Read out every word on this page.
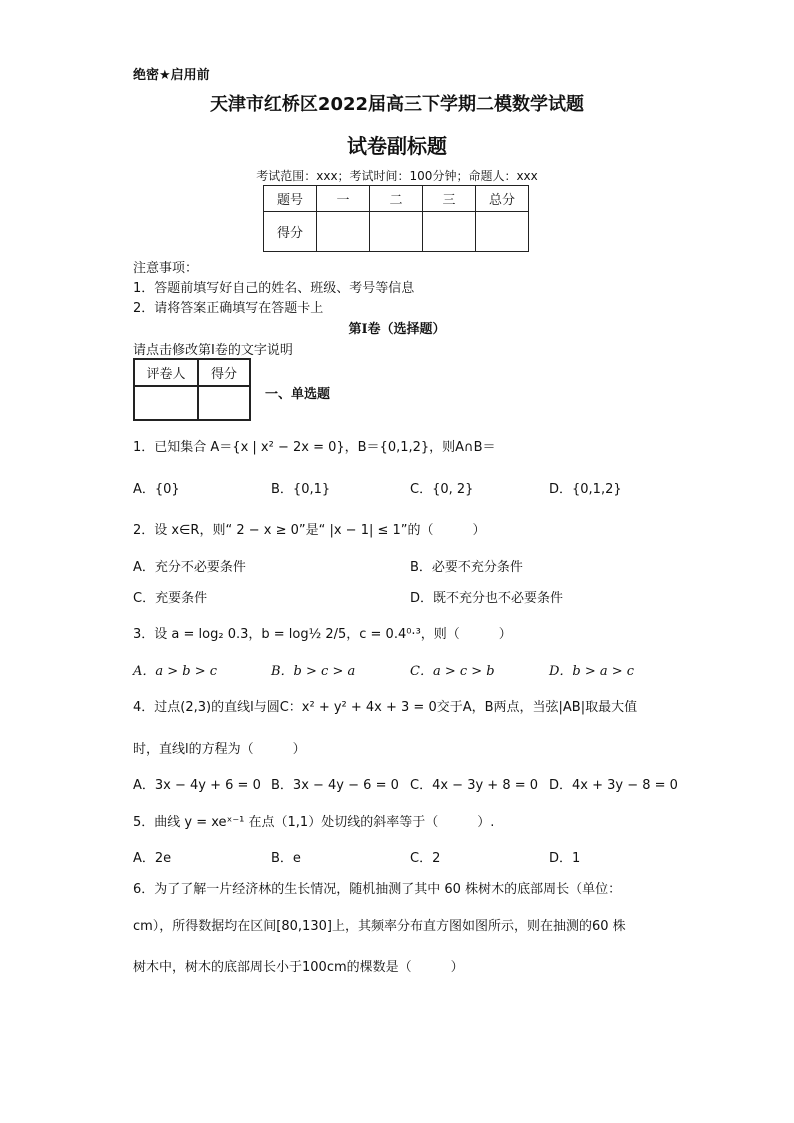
绝密★启用前
天津市红桥区2022届高三下学期二模数学试题
试卷副标题
考试范围：xxx；考试时间：100分钟；命题人：xxx
题号	一	二	三	总分
得分				
注意事项：
1．答题前填写好自己的姓名、班级、考号等信息
2．请将答案正确填写在答题卡上
第Ⅰ卷（选择题）
请点击修改第I卷的文字说明
评卷人	得分

一、单选题
1．已知集合 A＝{x | x² − 2x = 0}，B＝{0,1,2}，则A∩B＝
A．{0}	B．{0,1}	C．{0, 2}	D．{0,1,2}
2．设 x∈R，则“ 2 − x ≥ 0”是“ |x − 1| ≤ 1”的（　　　）
A．充分不必要条件	B．必要不充分条件
C．充要条件	D．既不充分也不必要条件
3．设 a = log₂ 0.3，b = log½ 2/5，c = 0.4⁰·³，则（　　　）
A．a > b > c	B．b > c > a	C．a > c > b	D．b > a > c
4．过点(2,3)的直线l与圆C：x² + y² + 4x + 3 = 0交于A，B两点，当弦|AB|取最大值
时，直线l的方程为（　　　）
A．3x − 4y + 6 = 0 B．3x − 4y − 6 = 0 C．4x − 3y + 8 = 0 D．4x + 3y − 8 = 0
5．曲线 y = xeˣ⁻¹ 在点（1,1）处切线的斜率等于（　　　）.
A．2e	B．e	C．2	D．1
6．为了了解一片经济林的生长情况，随机抽测了其中 60 株树木的底部周长（单位：
cm），所得数据均在区间[80,130]上，其频率分布直方图如图所示，则在抽测的60 株
树木中，树木的底部周长小于100cm的棵数是（　　　）
